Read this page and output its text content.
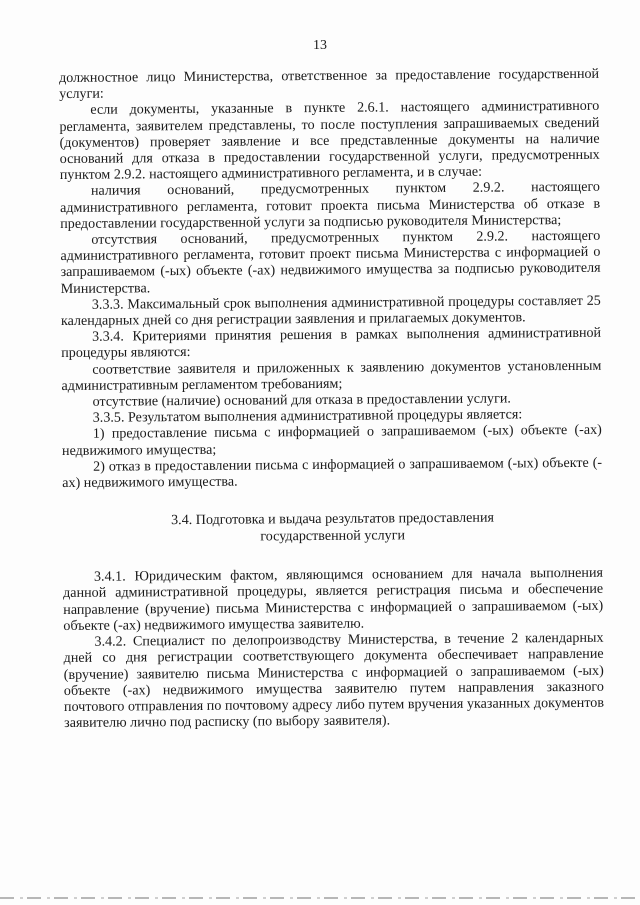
13

должностное лицо Министерства, ответственное за предоставление государственной услуги:

если документы, указанные в пункте 2.6.1. настоящего административного регламента, заявителем представлены, то после поступления запрашиваемых сведений (документов) проверяет заявление и все представленные документы на наличие оснований для отказа в предоставлении государственной услуги, предусмотренных пунктом 2.9.2. настоящего административного регламента, и в случае:

наличия оснований, предусмотренных пунктом 2.9.2. настоящего административного регламента, готовит проекта письма Министерства об отказе в предоставлении государственной услуги за подписью руководителя Министерства;

отсутствия оснований, предусмотренных пунктом 2.9.2. настоящего административного регламента, готовит проект письма Министерства с информацией о запрашиваемом (-ых) объекте (-ах) недвижимого имущества за подписью руководителя Министерства.

3.3.3. Максимальный срок выполнения административной процедуры составляет 25 календарных дней со дня регистрации заявления и прилагаемых документов.

3.3.4. Критериями принятия решения в рамках выполнения административной процедуры являются:

соответствие заявителя и приложенных к заявлению документов установленным административным регламентом требованиям;

отсутствие (наличие) оснований для отказа в предоставлении услуги.

3.3.5. Результатом выполнения административной процедуры является:

1) предоставление письма с информацией о запрашиваемом (-ых) объекте (-ах) недвижимого имущества;

2) отказ в предоставлении письма с информацией о запрашиваемом (-ых) объекте (-ах) недвижимого имущества.

3.4. Подготовка и выдача результатов предоставления
государственной услуги

3.4.1. Юридическим фактом, являющимся основанием для начала выполнения данной административной процедуры, является регистрация письма и обеспечение направление (вручение) письма Министерства с информацией о запрашиваемом (-ых) объекте (-ах) недвижимого имущества заявителю.

3.4.2. Специалист по делопроизводству Министерства, в течение 2 календарных дней со дня регистрации соответствующего документа обеспечивает направление (вручение) заявителю письма Министерства с информацией о запрашиваемом (-ых) объекте (-ах) недвижимого имущества заявителю путем направления заказного почтового отправления по почтовому адресу либо путем вручения указанных документов заявителю лично под расписку (по выбору заявителя).
